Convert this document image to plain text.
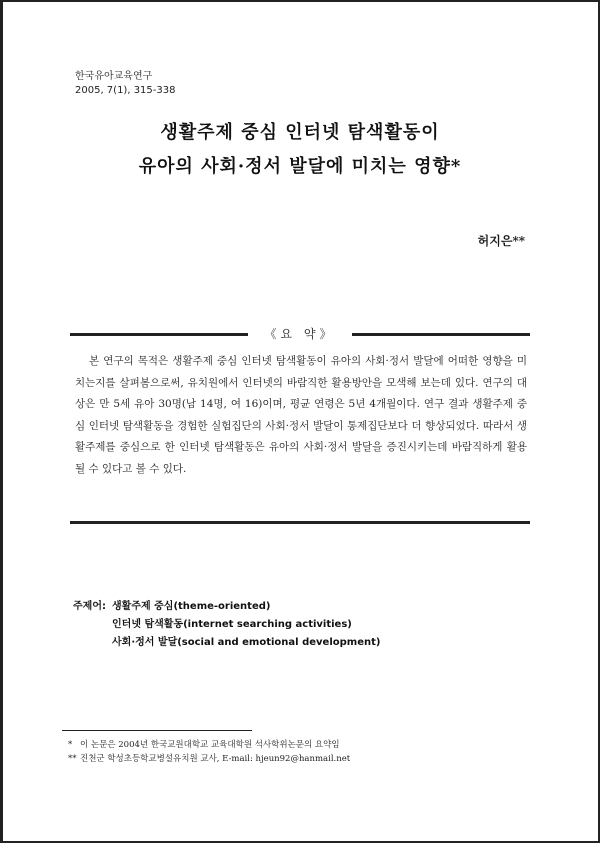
한국유아교육연구
2005, 7(1), 315-338
생활주제 중심 인터넷 탐색활동이
유아의 사회·정서 발달에 미치는 영향*
허지은**
《요 약》

본 연구의 목적은 생활주제 중심 인터넷 탐색활동이 유아의 사회·정서 발달에 어떠한 영향을 미치는지를 살펴봄으로써, 유치원에서 인터넷의 바람직한 활용방안을 모색해 보는데 있다. 연구의 대상은 만 5세 유아 30명(남 14명, 여 16)이며, 평균 연령은 5년 4개월이다. 연구 결과 생활주제 중심 인터넷 탐색활동을 경험한 실험집단의 사회·정서 발달이 통제집단보다 더 향상되었다. 따라서 생활주제를 중심으로 한 인터넷 탐색활동은 유아의 사회·정서 발달을 증진시키는데 바람직하게 활용될 수 있다고 볼 수 있다.

주제어: 생활주제 중심(theme-oriented)
인터넷 탐색활동(internet searching activities)
사회·정서 발달(social and emotional development)
* 이 논문은 2004년 한국교원대학교 교육대학원 석사학위논문의 요약임
** 진천군 학성초등학교병설유치원 교사, E-mail: hjeun92@hanmail.net
